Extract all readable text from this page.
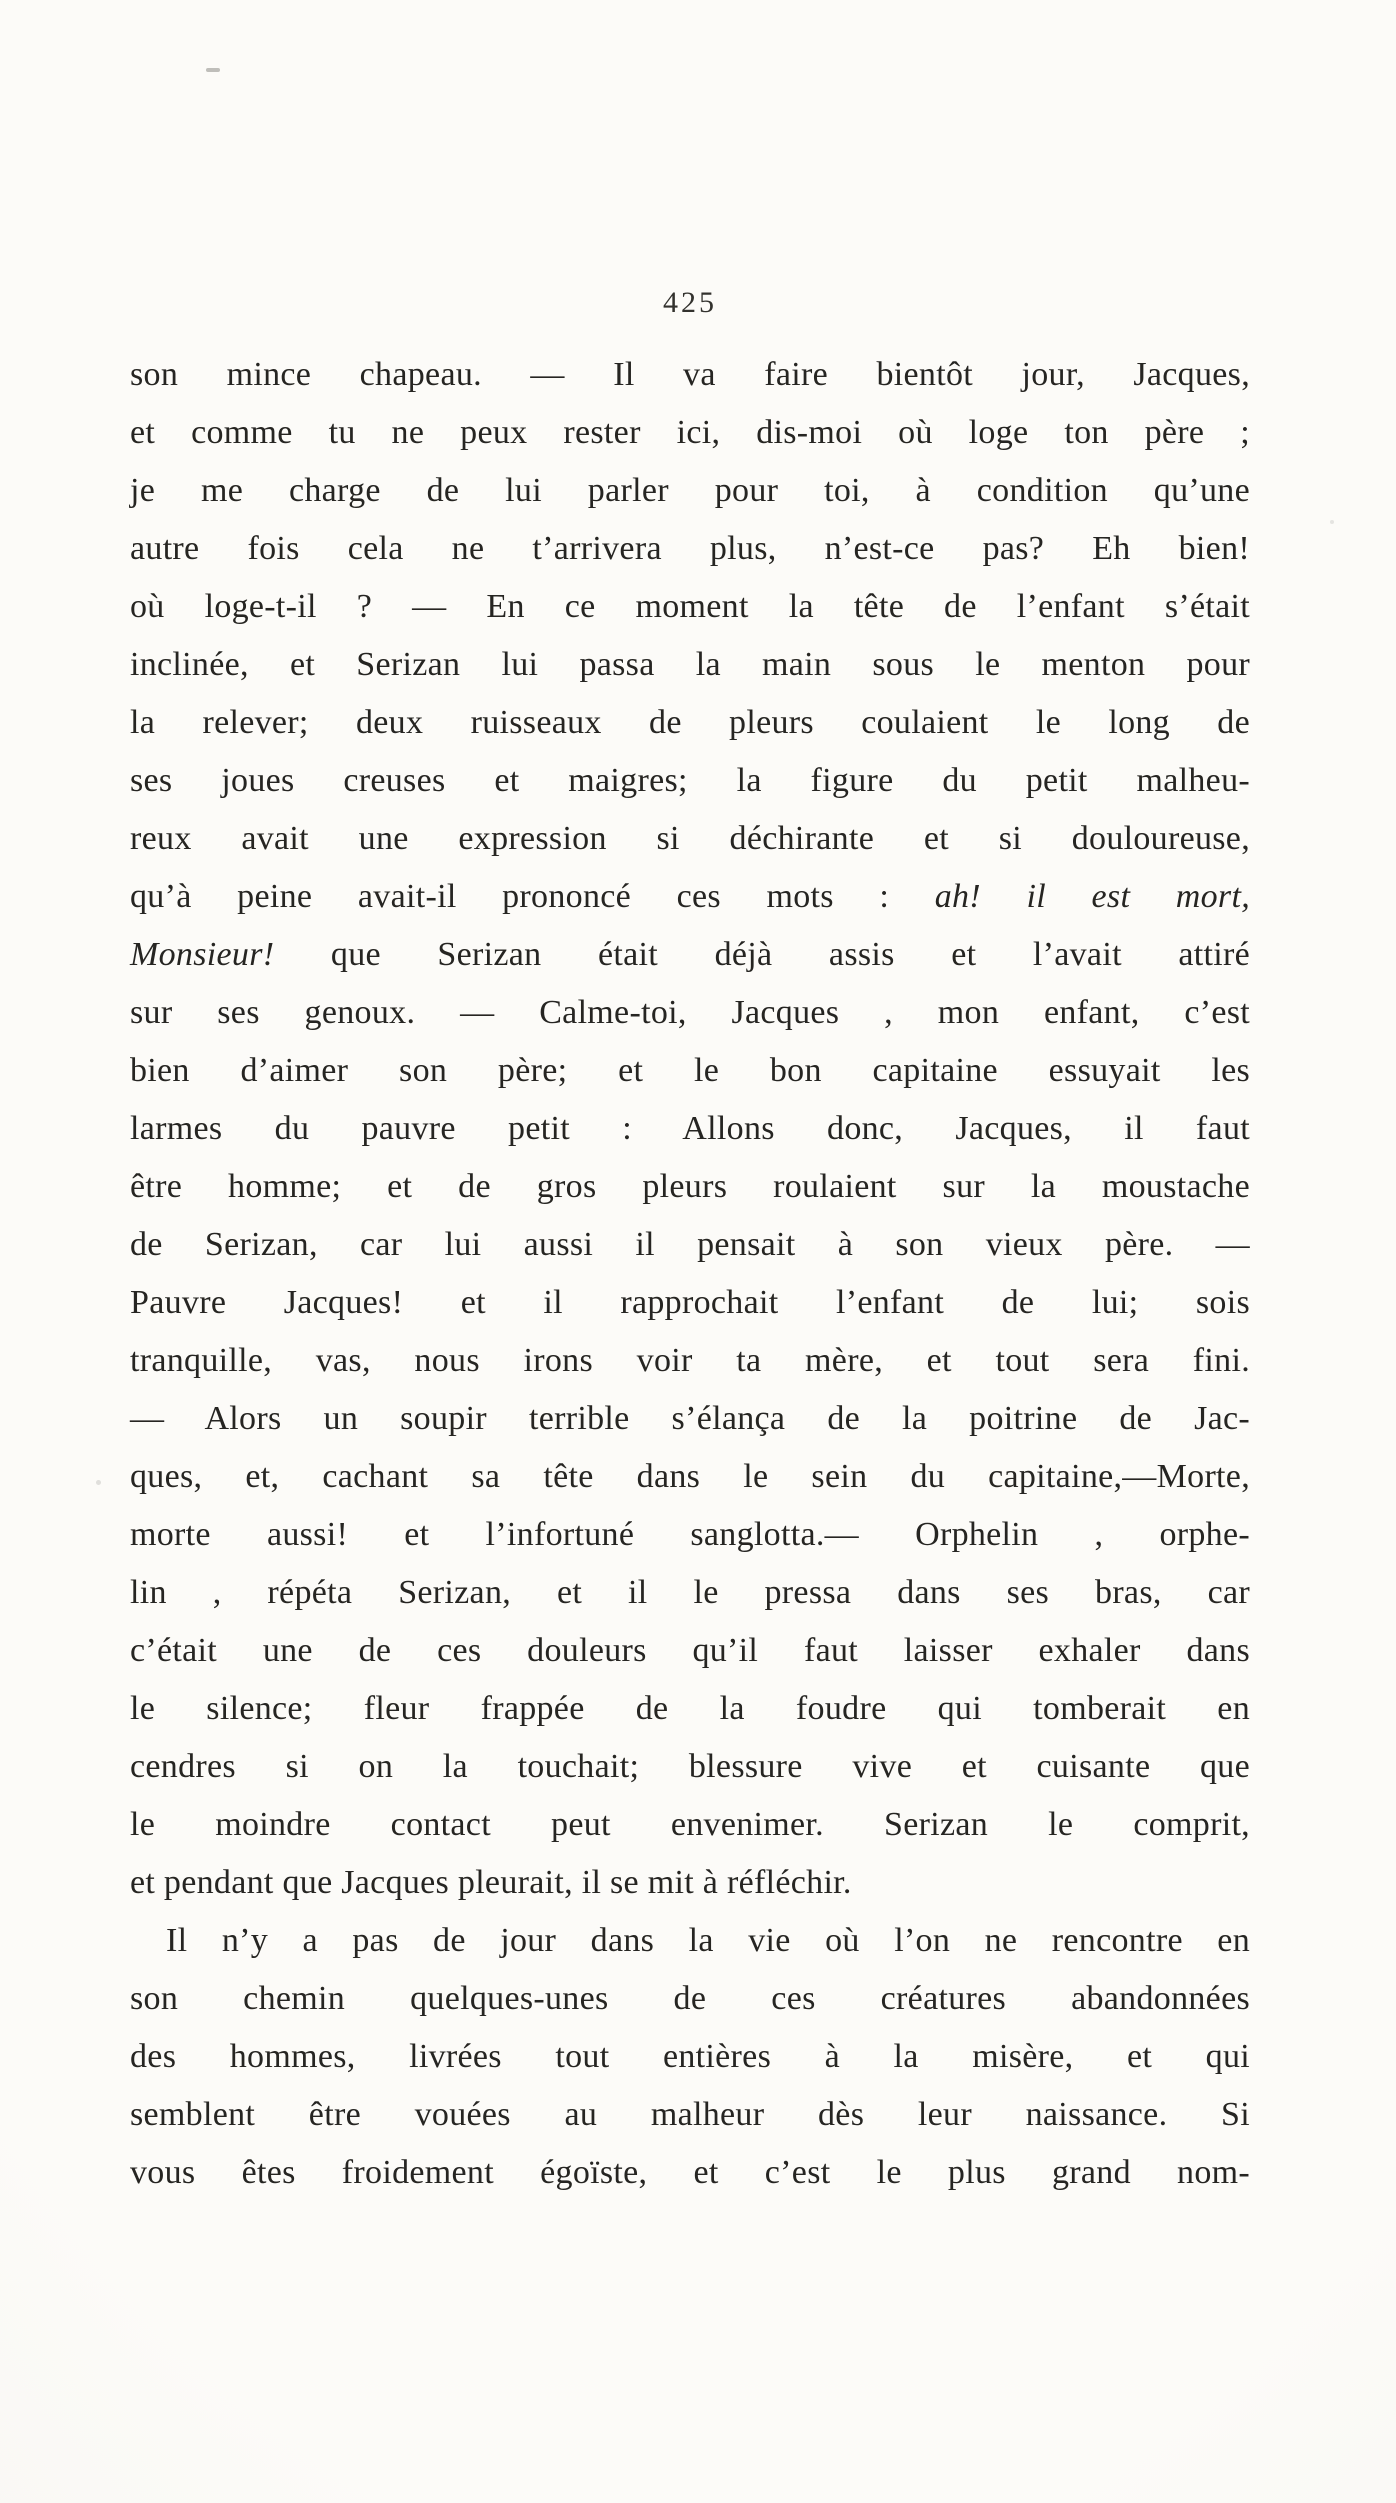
425
son mince chapeau. — Il va faire bientôt jour, Jacques,
et comme tu ne peux rester ici, dis-moi où loge ton père ;
je me charge de lui parler pour toi, à condition qu’une
autre fois cela ne t’arrivera plus, n’est-ce pas? Eh bien!
où loge-t-il ? — En ce moment la tête de l’enfant s’était
inclinée, et Serizan lui passa la main sous le menton pour
la relever; deux ruisseaux de pleurs coulaient le long de
ses joues creuses et maigres; la figure du petit malheu-
reux avait une expression si déchirante et si douloureuse,
qu’à peine avait-il prononcé ces mots : ah! il est mort,
Monsieur! que Serizan était déjà assis et l’avait attiré
sur ses genoux. — Calme-toi, Jacques , mon enfant, c’est
bien d’aimer son père; et le bon capitaine essuyait les
larmes du pauvre petit : Allons donc, Jacques, il faut
être homme; et de gros pleurs roulaient sur la moustache
de Serizan, car lui aussi il pensait à son vieux père. —
Pauvre Jacques! et il rapprochait l’enfant de lui; sois
tranquille, vas, nous irons voir ta mère, et tout sera fini.
— Alors un soupir terrible s’élança de la poitrine de Jac-
ques, et, cachant sa tête dans le sein du capitaine,—Morte,
morte aussi! et l’infortuné sanglotta.— Orphelin , orphe-
lin , répéta Serizan, et il le pressa dans ses bras, car
c’était une de ces douleurs qu’il faut laisser exhaler dans
le silence; fleur frappée de la foudre qui tomberait en
cendres si on la touchait; blessure vive et cuisante que
le moindre contact peut envenimer. Serizan le comprit,
et pendant que Jacques pleurait, il se mit à réfléchir.
Il n’y a pas de jour dans la vie où l’on ne rencontre en
son chemin quelques-unes de ces créatures abandonnées
des hommes, livrées tout entières à la misère, et qui
semblent être vouées au malheur dès leur naissance. Si
vous êtes froidement égoïste, et c’est le plus grand nom-
